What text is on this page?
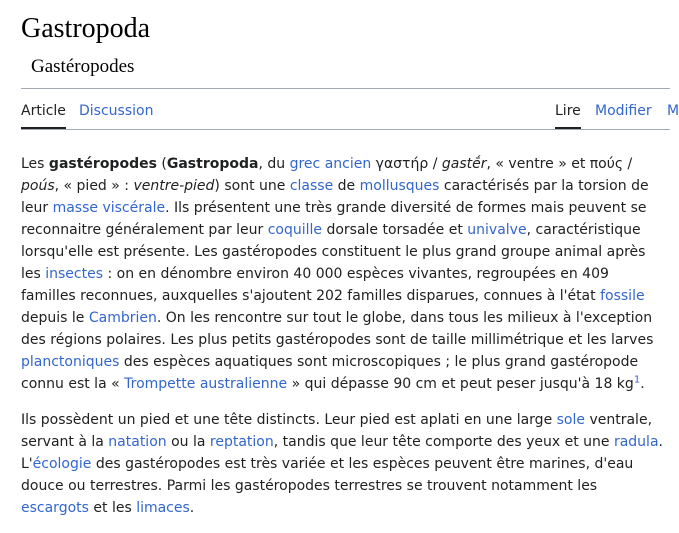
Gastropoda
Gastéropodes
Article Discussion	Lire Modifier M

Les gastéropodes (Gastropoda, du grec ancien γαστήρ / gastḗr, « ventre » et πούς / poús, « pied » : ventre-pied) sont une classe de mollusques caractérisés par la torsion de leur masse viscérale. Ils présentent une très grande diversité de formes mais peuvent se reconnaitre généralement par leur coquille dorsale torsadée et univalve, caractéristique lorsqu'elle est présente. Les gastéropodes constituent le plus grand groupe animal après les insectes : on en dénombre environ 40 000 espèces vivantes, regroupées en 409 familles reconnues, auxquelles s'ajoutent 202 familles disparues, connues à l'état fossile depuis le Cambrien. On les rencontre sur tout le globe, dans tous les milieux à l'exception des régions polaires. Les plus petits gastéropodes sont de taille millimétrique et les larves planctoniques des espèces aquatiques sont microscopiques ; le plus grand gastéropode connu est la « Trompette australienne » qui dépasse 90 cm et peut peser jusqu'à 18 $kg^1$.

Ils possèdent un pied et une tête distincts. Leur pied est aplati en une large sole ventrale, servant à la natation ou la reptation, tandis que leur tête comporte des yeux et une radula. L'écologie des gastéropodes est très variée et les espèces peuvent être marines, d'eau douce ou terrestres. Parmi les gastéropodes terrestres se trouvent notamment les escargots et les limaces.
